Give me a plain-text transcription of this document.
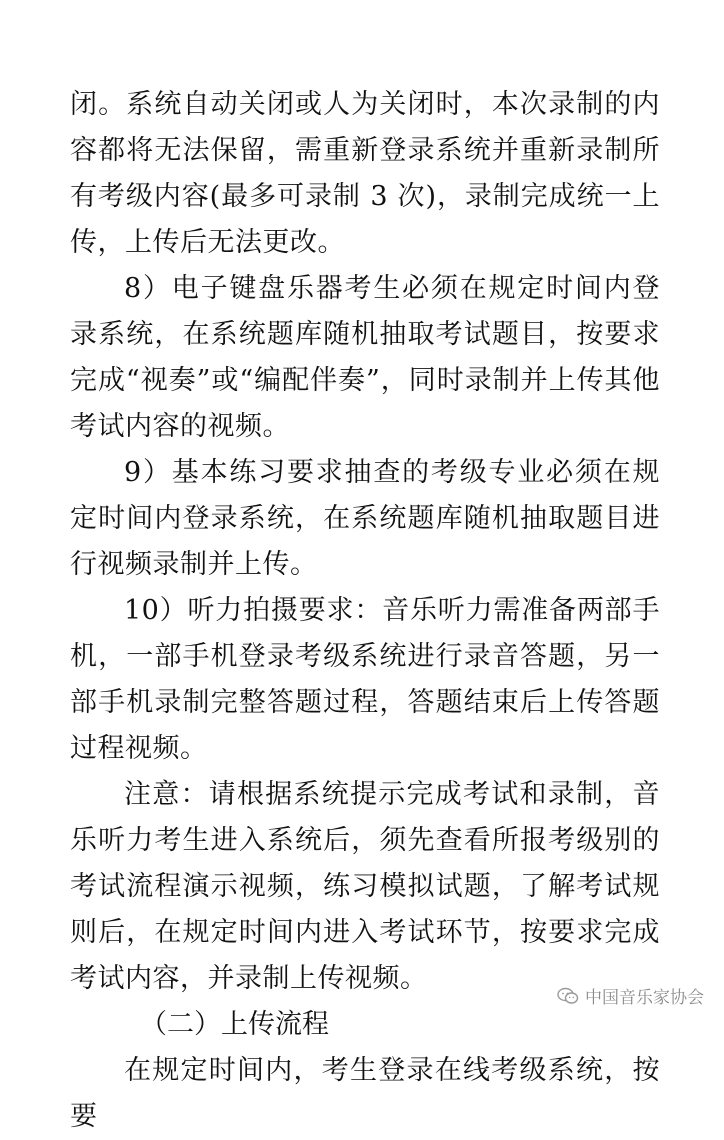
闭。系统自动关闭或人为关闭时，本次录制的内容都将无法保留，需重新登录系统并重新录制所有考级内容(最多可录制 3 次)，录制完成统一上传，上传后无法更改。

8）电子键盘乐器考生必须在规定时间内登录系统，在系统题库随机抽取考试题目，按要求完成“视奏”或“编配伴奏”，同时录制并上传其他考试内容的视频。

9）基本练习要求抽查的考级专业必须在规定时间内登录系统，在系统题库随机抽取题目进行视频录制并上传。

10）听力拍摄要求：音乐听力需准备两部手机，一部手机登录考级系统进行录音答题，另一部手机录制完整答题过程，答题结束后上传答题过程视频。

注意：请根据系统提示完成考试和录制，音乐听力考生进入系统后，须先查看所报考级别的考试流程演示视频，练习模拟试题，了解考试规则后，在规定时间内进入考试环节，按要求完成考试内容，并录制上传视频。

（二）上传流程

在规定时间内，考生登录在线考级系统，按要

中国音乐家协会
